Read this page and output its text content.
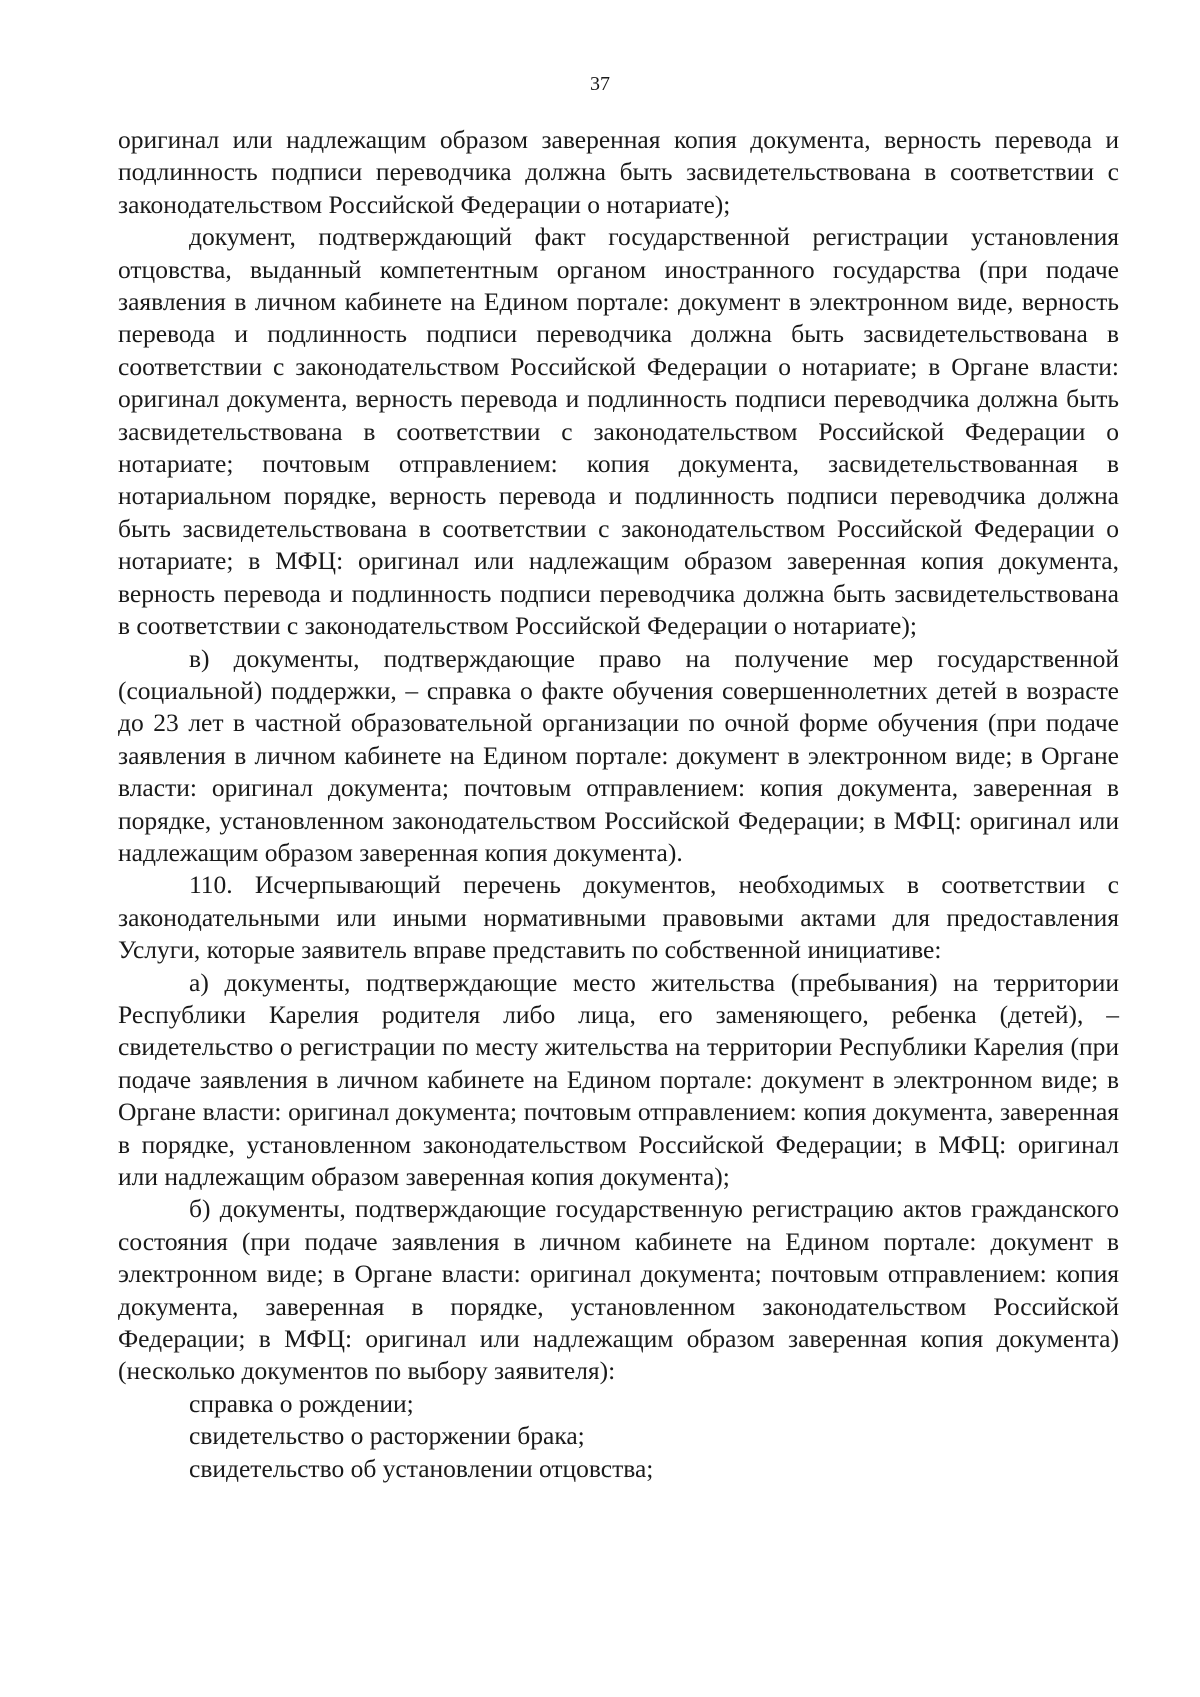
37

оригинал или надлежащим образом заверенная копия документа, верность перевода и подлинность подписи переводчика должна быть засвидетельствована в соответствии с законодательством Российской Федерации о нотариате);

документ, подтверждающий факт государственной регистрации установления отцовства, выданный компетентным органом иностранного государства (при подаче заявления в личном кабинете на Едином портале: документ в электронном виде, верность перевода и подлинность подписи переводчика должна быть засвидетельствована в соответствии с законодательством Российской Федерации о нотариате; в Органе власти: оригинал документа, верность перевода и подлинность подписи переводчика должна быть засвидетельствована в соответствии с законодательством Российской Федерации о нотариате; почтовым отправлением: копия документа, засвидетельствованная в нотариальном порядке, верность перевода и подлинность подписи переводчика должна быть засвидетельствована в соответствии с законодательством Российской Федерации о нотариате; в МФЦ: оригинал или надлежащим образом заверенная копия документа, верность перевода и подлинность подписи переводчика должна быть засвидетельствована в соответствии с законодательством Российской Федерации о нотариате);

в) документы, подтверждающие право на получение мер государственной (социальной) поддержки, – справка о факте обучения совершеннолетних детей в возрасте до 23 лет в частной образовательной организации по очной форме обучения (при подаче заявления в личном кабинете на Едином портале: документ в электронном виде; в Органе власти: оригинал документа; почтовым отправлением: копия документа, заверенная в порядке, установленном законодательством Российской Федерации; в МФЦ: оригинал или надлежащим образом заверенная копия документа).

110. Исчерпывающий перечень документов, необходимых в соответствии с законодательными или иными нормативными правовыми актами для предоставления Услуги, которые заявитель вправе представить по собственной инициативе:

а) документы, подтверждающие место жительства (пребывания) на территории Республики Карелия родителя либо лица, его заменяющего, ребенка (детей), – свидетельство о регистрации по месту жительства на территории Республики Карелия (при подаче заявления в личном кабинете на Едином портале: документ в электронном виде; в Органе власти: оригинал документа; почтовым отправлением: копия документа, заверенная в порядке, установленном законодательством Российской Федерации; в МФЦ: оригинал или надлежащим образом заверенная копия документа);

б) документы, подтверждающие государственную регистрацию актов гражданского состояния (при подаче заявления в личном кабинете на Едином портале: документ в электронном виде; в Органе власти: оригинал документа; почтовым отправлением: копия документа, заверенная в порядке, установленном законодательством Российской Федерации; в МФЦ: оригинал или надлежащим образом заверенная копия документа) (несколько документов по выбору заявителя):

справка о рождении;

свидетельство о расторжении брака;

свидетельство об установлении отцовства;
